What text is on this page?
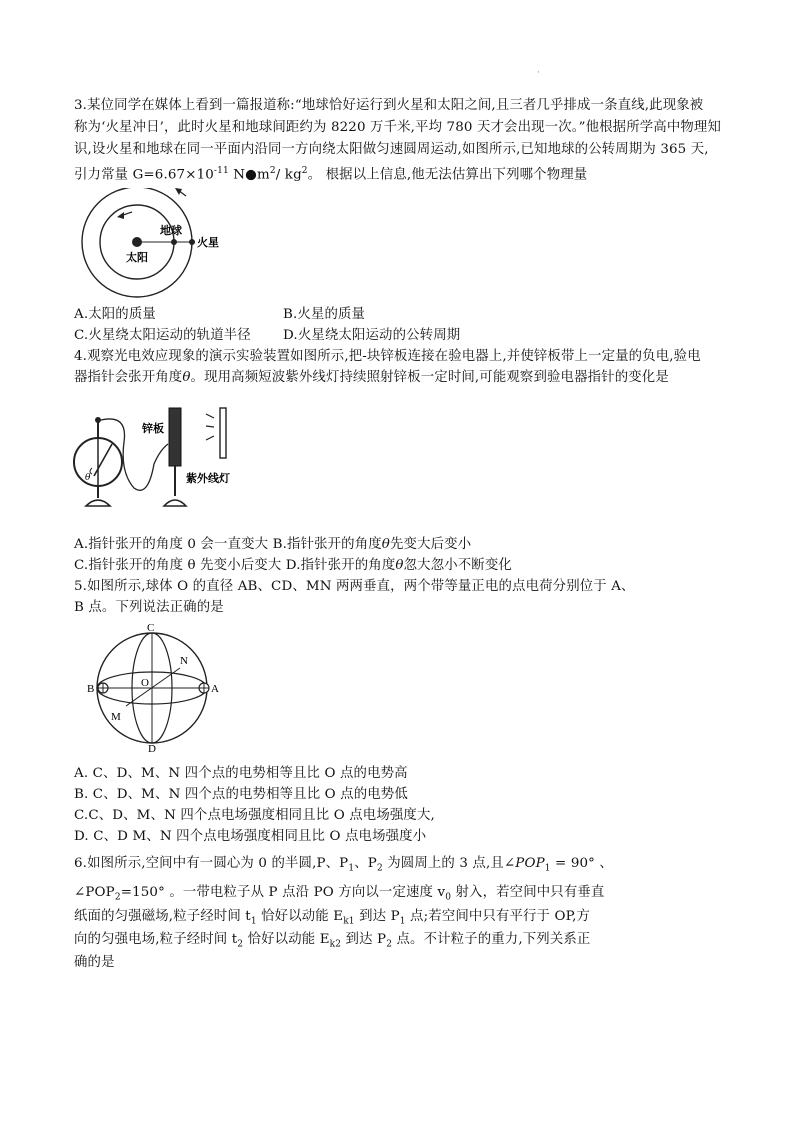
·
3.某位同学在媒体上看到一篇报道称:“地球恰好运行到火星和太阳之间,且三者几乎排成一条直线,此现象被
称为‘火星冲日’，此时火星和地球间距约为 8220 万千米,平均 780 天才会出现一次。”他根据所学高中物理知
识,设火星和地球在同一平面内沿同一方向绕太阳做匀速圆周运动,如图所示,已知地球的公转周期为 365 天,
引力常量 $G=6.67\times 10^{-11}$ $N●m^2/$ $kg^2$。 根据以上信息,他无法估算出下列哪个物理量
太阳
地球
火星
A.太阳的质量	B.火星的质量
C.火星绕太阳运动的轨道半径 D.火星绕太阳运动的公转周期
4.观察光电效应现象的演示实验装置如图所示,把-块锌板连接在验电器上,并使锌板带上一定量的负电,验电
器指针会张开角度θ。现用高频短波紫外线灯持续照射锌板一定时间,可能观察到验电器指针的变化是
θ
锌板
紫外线灯
A.指针张开的角度 0 会一直变大 B.指针张开的角度θ先变大后变小
C.指针张开的角度 θ 先变小后变大 D.指针张开的角度θ忽大忽小不断变化
5.如图所示,球体 O 的直径 AB、CD、MN 两两垂直，两个带等量正电的点电荷分别位于 A、
B 点。下列说法正确的是
C
D
N
M
O	A
B
A. C、D、M、N 四个点的电势相等且比 O 点的电势高
B. C、D、M、N 四个点的电势相等且比 O 点的电势低
C.C、D、M、N 四个点电场强度相同且比 O 点电场强度大,
D. C、D M、N 四个点电场强度相同且比 O 点电场强度小
6.如图所示,空间中有一圆心为 0 的半圆,P、$P_1$、$P_2$ 为圆周上的 3 点,且$\angle POP_1 = 90^\circ$ 、
$\angle POP_2=150^\circ$ 。一带电粒子从 P 点沿 PO 方向以一定速度 $v_0$ 射入，若空间中只有垂直
纸面的匀强磁场,粒子经时间 $t_1$ 恰好以动能 $E_{k1}$ 到达 $P_1$ 点;若空间中只有平行于 OP,方
向的匀强电场,粒子经时间 $t_2$ 恰好以动能 $E_{k2}$ 到达 $P_2$ 点。不计粒子的重力,下列关系正
确的是
